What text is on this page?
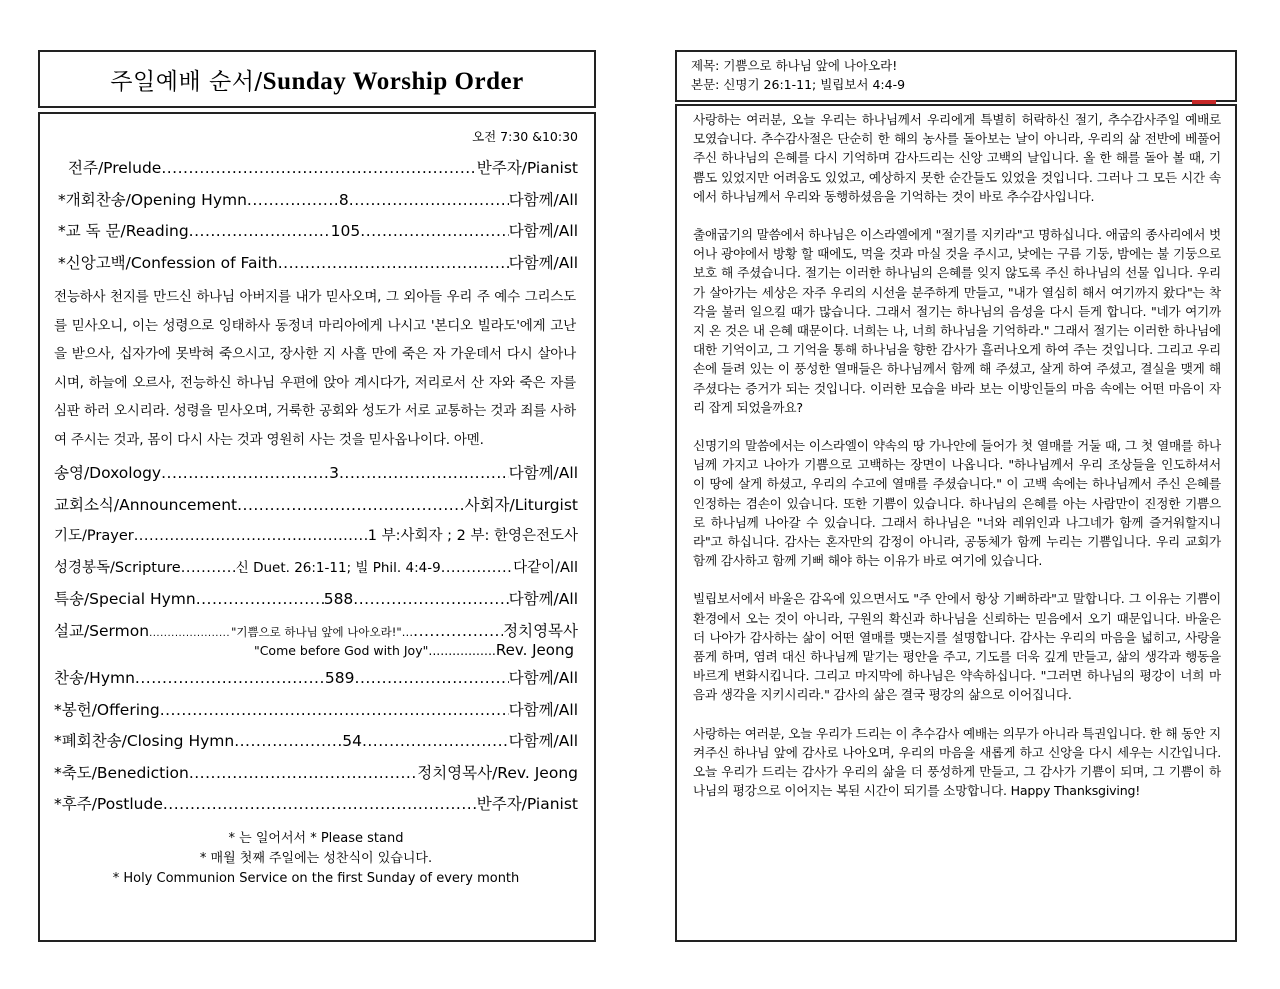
주일예배 순서/Sunday Worship Order
오전 7:30 &10:30
전주/Prelude .....	반주자/Pianist
*개회찬송/Opening Hymn .....	8 .....	다함께/All
*교 독 문/Reading .....	105 .....	다함께/All
*신앙고백/Confession of Faith .....	다함께/All
전능하사 천지를 만드신 하나님 아버지를 내가 믿사오며, 그 외아들 우리 주 예수 그리스도를 믿사오니, 이는 성령으로 잉태하사 동정녀 마리아에게 나시고 '본디오 빌라도'에게 고난을 받으사, 십자가에 못박혀 죽으시고, 장사한 지 사흘 만에 죽은 자 가운데서 다시 살아나시며, 하늘에 오르사, 전능하신 하나님 우편에 앉아 계시다가, 저리로서 산 자와 죽은 자를 심판 하러 오시리라. 성령을 믿사오며, 거룩한 공회와 성도가 서로 교통하는 것과 죄를 사하여 주시는 것과, 몸이 다시 사는 것과 영원히 사는 것을 믿사옵나이다. 아멘.
송영/Doxology .....	3 .....	다함께/All
교회소식/Announcement .....	사회자/Liturgist
기도/Prayer .....	1 부:사회자 ; 2 부: 한영은전도사
성경봉독/Scripture .....	신 Duet. 26:1-11; 빌 Phil. 4:4-9 .....	다같이/All
특송/Special Hymn .....	588 .....	다함께/All
설교/Sermon .....	"기쁨으로 하나님 앞에 나아오라!"… .....	정치영목사
"Come before God with Joy".................Rev. Jeong
찬송/Hymn .....	589 .....	다함께/All
*봉헌/Offering .....	다함께/All
*폐회찬송/Closing Hymn .....	54 .....	다함께/All
*축도/Benediction .....	정치영목사/Rev. Jeong
*후주/Postlude .....	반주자/Pianist
* 는 일어서서 * Please stand
* 매월 첫째 주일에는 성찬식이 있습니다.
* Holy Communion Service on the first Sunday of every month
제목: 기쁨으로 하나님 앞에 나아오라!
본문: 신명기 26:1-11; 빌립보서 4:4-9

사랑하는 여러분, 오늘 우리는 하나님께서 우리에게 특별히 허락하신 절기, 추수감사주일 예배로 모였습니다. 추수감사절은 단순히 한 해의 농사를 돌아보는 날이 아니라, 우리의 삶 전반에 베풀어 주신 하나님의 은혜를 다시 기억하며 감사드리는 신앙 고백의 날입니다. 올 한 해를 돌아 볼 때, 기쁨도 있었지만 어려움도 있었고, 예상하지 못한 순간들도 있었을 것입니다. 그러나 그 모든 시간 속에서 하나님께서 우리와 동행하셨음을 기억하는 것이 바로 추수감사입니다.

출애굽기의 말씀에서 하나님은 이스라엘에게 "절기를 지키라"고 명하십니다. 애굽의 종사리에서 벗어나 광야에서 방황 할 때에도, 먹을 것과 마실 것을 주시고, 낮에는 구름 기둥, 밤에는 불 기둥으로 보호 해 주셨습니다. 절기는 이러한 하나님의 은혜를 잊지 않도록 주신 하나님의 선물 입니다. 우리가 살아가는 세상은 자주 우리의 시선을 분주하게 만들고, "내가 열심히 해서 여기까지 왔다"는 착각을 불러 일으킬 때가 많습니다. 그래서 절기는 하나님의 음성을 다시 듣게 합니다. "네가 여기까지 온 것은 내 은혜 때문이다. 너희는 나, 너희 하나님을 기억하라." 그래서 절기는 이러한 하나님에 대한 기억이고, 그 기억을 통해 하나님을 향한 감사가 흘러나오게 하여 주는 것입니다. 그리고 우리 손에 들려 있는 이 풍성한 열매들은 하나님께서 함께 해 주셨고, 살게 하여 주셨고, 결실을 맺게 해 주셨다는 증거가 되는 것입니다. 이러한 모습을 바라 보는 이방인들의 마음 속에는 어떤 마음이 자리 잡게 되었을까요?

신명기의 말씀에서는 이스라엘이 약속의 땅 가나안에 들어가 첫 열매를 거둘 때, 그 첫 열매를 하나님께 가지고 나아가 기쁨으로 고백하는 장면이 나옵니다. "하나님께서 우리 조상들을 인도하셔서 이 땅에 살게 하셨고, 우리의 수고에 열매를 주셨습니다." 이 고백 속에는 하나님께서 주신 은혜를 인정하는 겸손이 있습니다. 또한 기쁨이 있습니다. 하나님의 은혜를 아는 사람만이 진정한 기쁨으로 하나님께 나아갈 수 있습니다. 그래서 하나님은 "너와 레위인과 나그네가 함께 즐거워할지니라"고 하십니다. 감사는 혼자만의 감정이 아니라, 공동체가 함께 누리는 기쁨입니다. 우리 교회가 함께 감사하고 함께 기뻐 해야 하는 이유가 바로 여기에 있습니다.

빌립보서에서 바울은 감옥에 있으면서도 "주 안에서 항상 기뻐하라"고 말합니다. 그 이유는 기쁨이 환경에서 오는 것이 아니라, 구원의 확신과 하나님을 신뢰하는 믿음에서 오기 때문입니다. 바울은 더 나아가 감사하는 삶이 어떤 열매를 맺는지를 설명합니다. 감사는 우리의 마음을 넓히고, 사랑을 품게 하며, 염려 대신 하나님께 맡기는 평안을 주고, 기도를 더욱 깊게 만들고, 삶의 생각과 행동을 바르게 변화시킵니다. 그리고 마지막에 하나님은 약속하십니다. "그러면 하나님의 평강이 너희 마음과 생각을 지키시리라." 감사의 삶은 결국 평강의 삶으로 이어집니다.

사랑하는 여러분, 오늘 우리가 드리는 이 추수감사 예배는 의무가 아니라 특권입니다. 한 해 동안 지켜주신 하나님 앞에 감사로 나아오며, 우리의 마음을 새롭게 하고 신앙을 다시 세우는 시간입니다. 오늘 우리가 드리는 감사가 우리의 삶을 더 풍성하게 만들고, 그 감사가 기쁨이 되며, 그 기쁨이 하나님의 평강으로 이어지는 복된 시간이 되기를 소망합니다. Happy Thanksgiving!
